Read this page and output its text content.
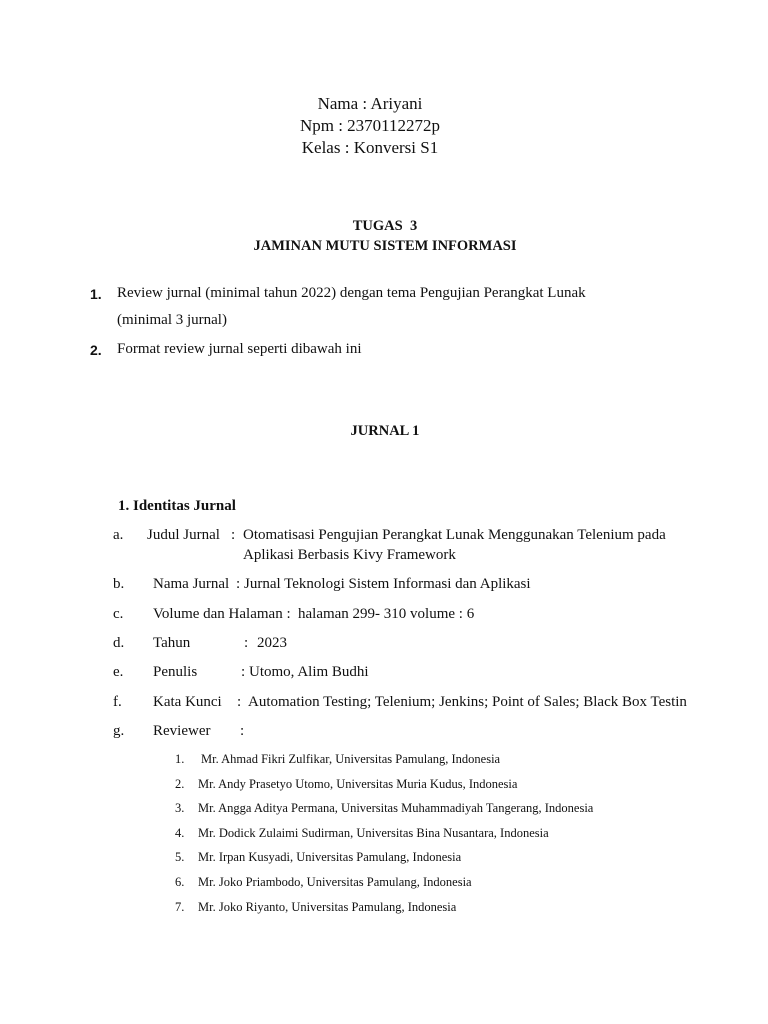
Nama : Ariyani
Npm : 2370112272p
Kelas : Konversi S1
TUGAS  3
JAMINAN MUTU SISTEM INFORMASI
1. Review jurnal (minimal tahun 2022) dengan tema Pengujian Perangkat Lunak
(minimal 3 jurnal)
2. Format review jurnal seperti dibawah ini
JURNAL 1
1. Identitas Jurnal
a. Judul Jurnal : Otomatisasi Pengujian Perangkat Lunak Menggunakan Telenium pada
Aplikasi Berbasis Kivy Framework
b. Nama Jurnal : Jurnal Teknologi Sistem Informasi dan Aplikasi
c. Volume dan Halaman : halaman 299- 310 volume : 6
d. Tahun	: 2023
e. Penulis	: Utomo, Alim Budhi
f. Kata Kunci : Automation Testing; Telenium; Jenkins; Point of Sales; Black Box Testin
g. Reviewer :
1. Mr. Ahmad Fikri Zulfikar, Universitas Pamulang, Indonesia
2. Mr. Andy Prasetyo Utomo, Universitas Muria Kudus, Indonesia
3. Mr. Angga Aditya Permana, Universitas Muhammadiyah Tangerang, Indonesia
4. Mr. Dodick Zulaimi Sudirman, Universitas Bina Nusantara, Indonesia
5. Mr. Irpan Kusyadi, Universitas Pamulang, Indonesia
6. Mr. Joko Priambodo, Universitas Pamulang, Indonesia
7. Mr. Joko Riyanto, Universitas Pamulang, Indonesia
